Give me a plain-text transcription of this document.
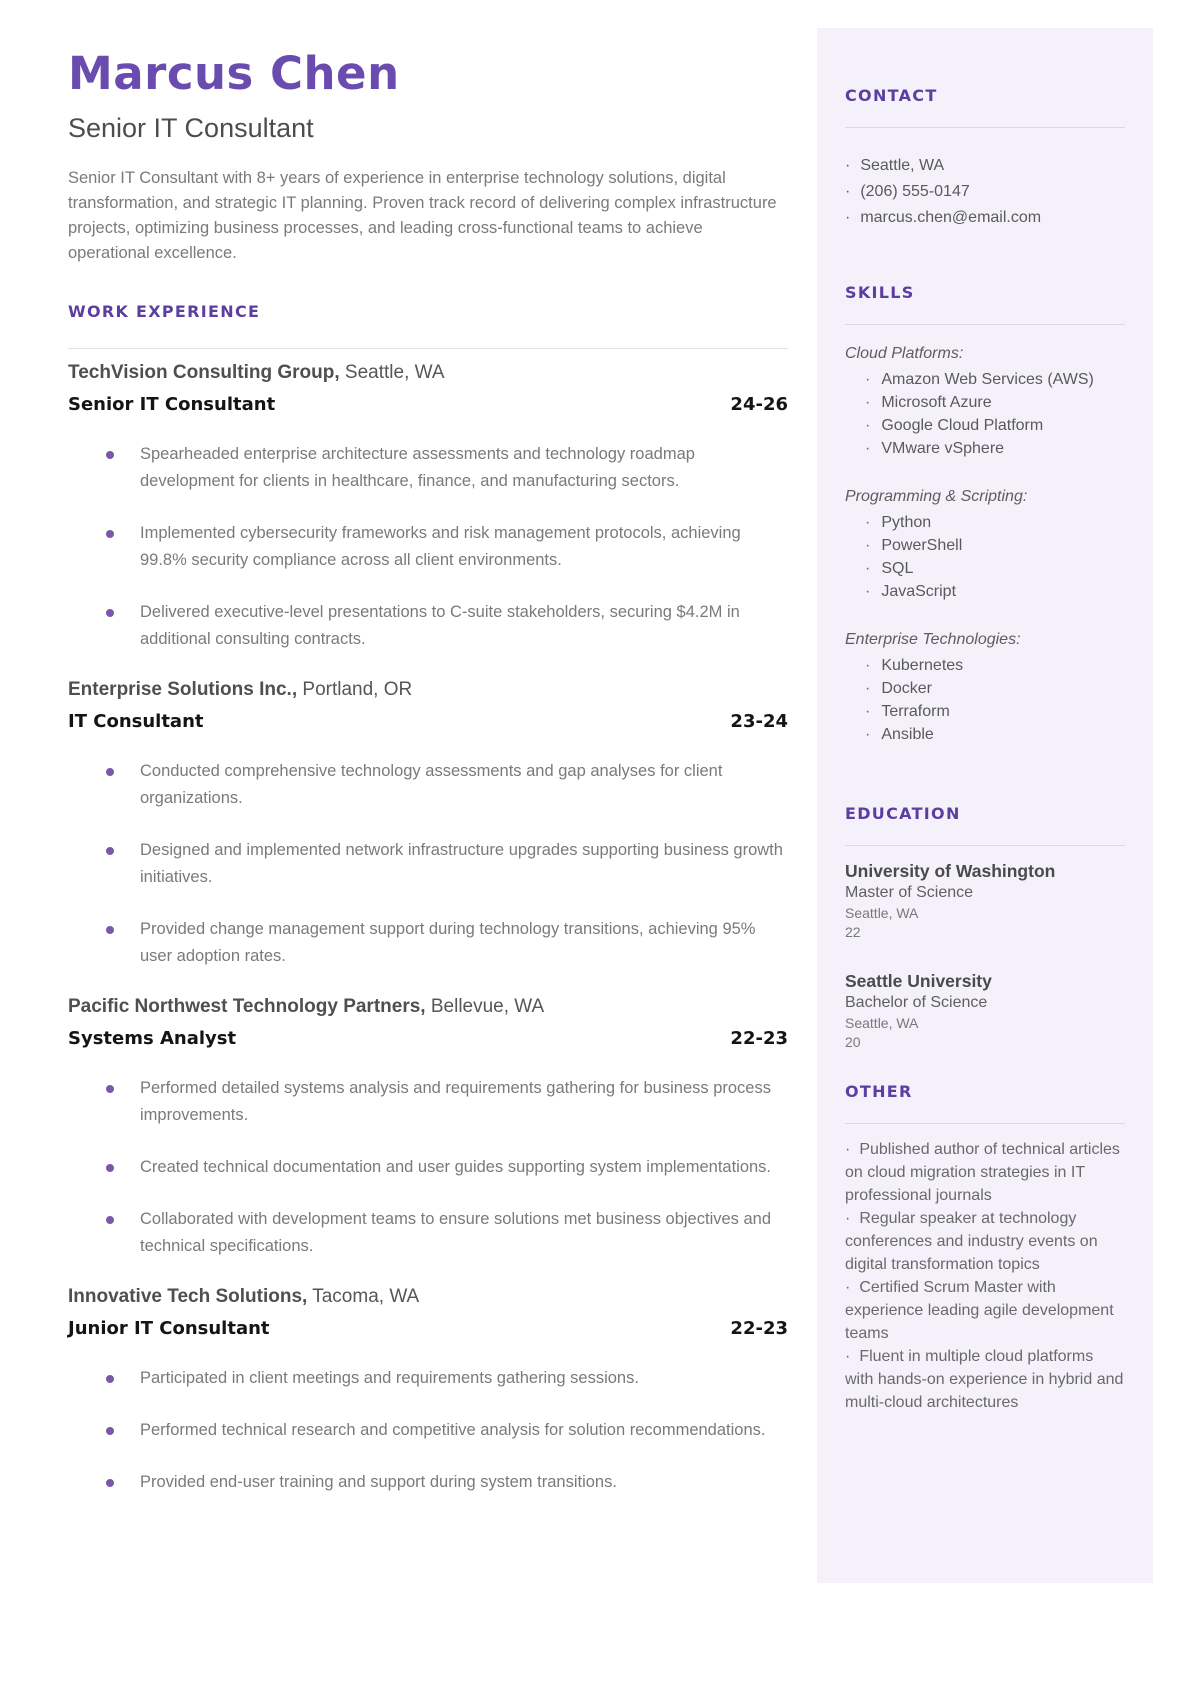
Marcus Chen
Senior IT Consultant

Senior IT Consultant with 8+ years of experience in enterprise technology solutions, digital transformation, and strategic IT planning. Proven track record of delivering complex infrastructure projects, optimizing business processes, and leading cross-functional teams to achieve operational excellence.

WORK EXPERIENCE
TechVision Consulting Group, Seattle, WA
Senior IT Consultant	24-26
Spearheaded enterprise architecture assessments and technology roadmap development for clients in healthcare, finance, and manufacturing sectors.
Implemented cybersecurity frameworks and risk management protocols, achieving 99.8% security compliance across all client environments.
Delivered executive-level presentations to C-suite stakeholders, securing $4.2M in additional consulting contracts.
Enterprise Solutions Inc., Portland, OR
IT Consultant	23-24
Conducted comprehensive technology assessments and gap analyses for client organizations.
Designed and implemented network infrastructure upgrades supporting business growth initiatives.
Provided change management support during technology transitions, achieving 95% user adoption rates.
Pacific Northwest Technology Partners, Bellevue, WA
Systems Analyst	22-23
Performed detailed systems analysis and requirements gathering for business process improvements.
Created technical documentation and user guides supporting system implementations.
Collaborated with development teams to ensure solutions met business objectives and technical specifications.
Innovative Tech Solutions, Tacoma, WA
Junior IT Consultant	22-23
Participated in client meetings and requirements gathering sessions.
Performed technical research and competitive analysis for solution recommendations.
Provided end-user training and support during system transitions.
CONTACT
· Seattle, WA
· (206) 555-0147
· marcus.chen@email.com
SKILLS
Cloud Platforms:
· Amazon Web Services (AWS)
· Microsoft Azure
· Google Cloud Platform
· VMware vSphere
Programming & Scripting:
· Python
· PowerShell
· SQL
· JavaScript
Enterprise Technologies:
· Kubernetes
· Docker
· Terraform
· Ansible
EDUCATION
University of Washington
Master of Science
Seattle, WA
22
Seattle University
Bachelor of Science
Seattle, WA
20
OTHER
· Published author of technical articles on cloud migration strategies in IT professional journals
· Regular speaker at technology conferences and industry events on digital transformation topics
· Certified Scrum Master with experience leading agile development teams
· Fluent in multiple cloud platforms with hands-on experience in hybrid and multi-cloud architectures
